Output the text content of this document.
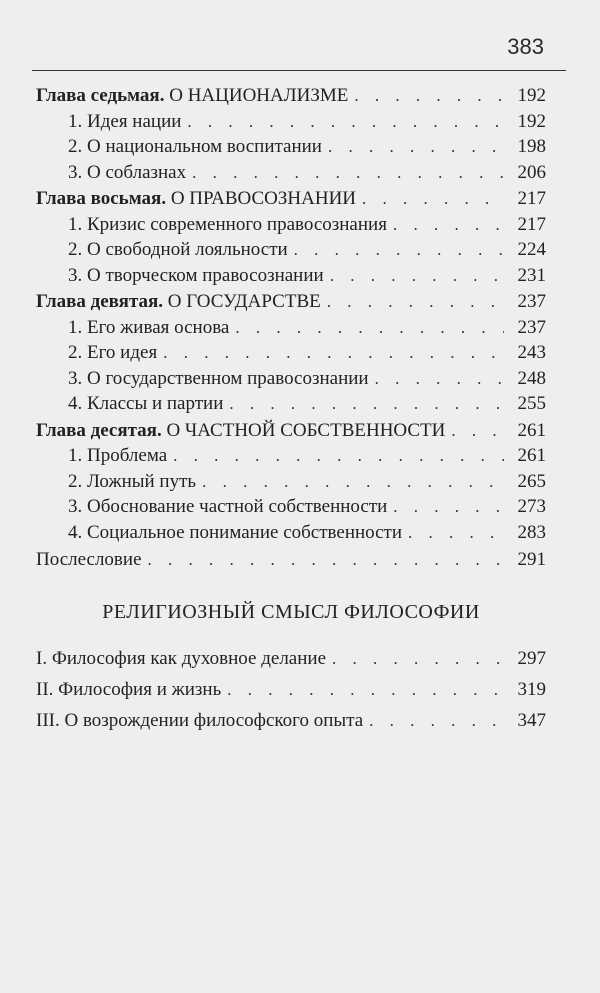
383
Глава седьмая. О НАЦИОНАЛИЗМЕ . . .	192
1. Идея нации . . .	192
2. О национальном воспитании . . .	198
3. О соблазнах . . .	206
Глава восьмая. О ПРАВОСОЗНАНИИ . . .	217
1. Кризис современного правосознания . . .	217
2. О свободной лояльности . . .	224
3. О творческом правосознании . . .	231
Глава девятая. О ГОСУДАРСТВЕ . . .	237
1. Его живая основа . . .	237
2. Его идея . . .	243
3. О государственном правосознании . . .	248
4. Классы и партии . . .	255
Глава десятая. О ЧАСТНОЙ СОБСТВЕННОСТИ . . .	261
1. Проблема . . .	261
2. Ложный путь . . .	265
3. Обоснование частной собственности . . .	273
4. Социальное понимание собственности . . .	283
Послесловие . . .	291
РЕЛИГИОЗНЫЙ СМЫСЛ ФИЛОСОФИИ
I. Философия как духовное делание . . .	297
II. Философия и жизнь . . .	319
III. О возрождении философского опыта . . .	347
